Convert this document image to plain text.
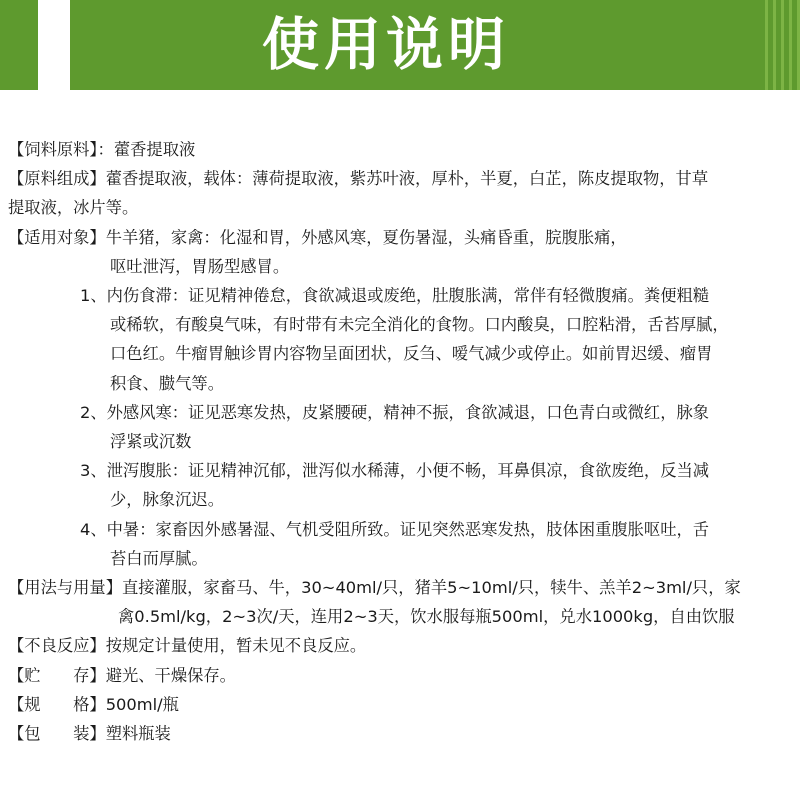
使用说明
【饲料原料】：藿香提取液
【原料组成】藿香提取液，载体：薄荷提取液，紫苏叶液，厚朴，半夏，白芷，陈皮提取物，甘草
提取液，冰片等。
【适用对象】牛羊猪，家禽：化湿和胃，外感风寒，夏伤暑湿，头痛昏重，脘腹胀痛，
呕吐泄泻，胃肠型感冒。
1、内伤食滞：证见精神倦怠，食欲减退或废绝，肚腹胀满，常伴有轻微腹痛。粪便粗糙
或稀软，有酸臭气味，有时带有未完全消化的食物。口内酸臭，口腔粘滑，舌苔厚腻，
口色红。牛瘤胃触诊胃内容物呈面团状，反刍、嗳气减少或停止。如前胃迟缓、瘤胃
积食、臌气等。
2、外感风寒：证见恶寒发热，皮紧腰硬，精神不振，食欲减退，口色青白或微红，脉象
浮紧或沉数
3、泄泻腹胀：证见精神沉郁，泄泻似水稀薄，小便不畅，耳鼻俱凉，食欲废绝，反当减
少，脉象沉迟。
4、中暑：家畜因外感暑湿、气机受阻所致。证见突然恶寒发热，肢体困重腹胀呕吐，舌
苔白而厚腻。
【用法与用量】直接灌服，家畜马、牛，30~40ml/只，猪羊5~10ml/只，犊牛、羔羊2~3ml/只，家
禽0.5ml/kg，2~3次/天，连用2~3天，饮水服每瓶500ml，兑水1000kg，自由饮服
【不良反应】按规定计量使用，暂未见不良反应。
【贮　　存】避光、干燥保存。
【规　　格】500ml/瓶
【包　　装】塑料瓶装
